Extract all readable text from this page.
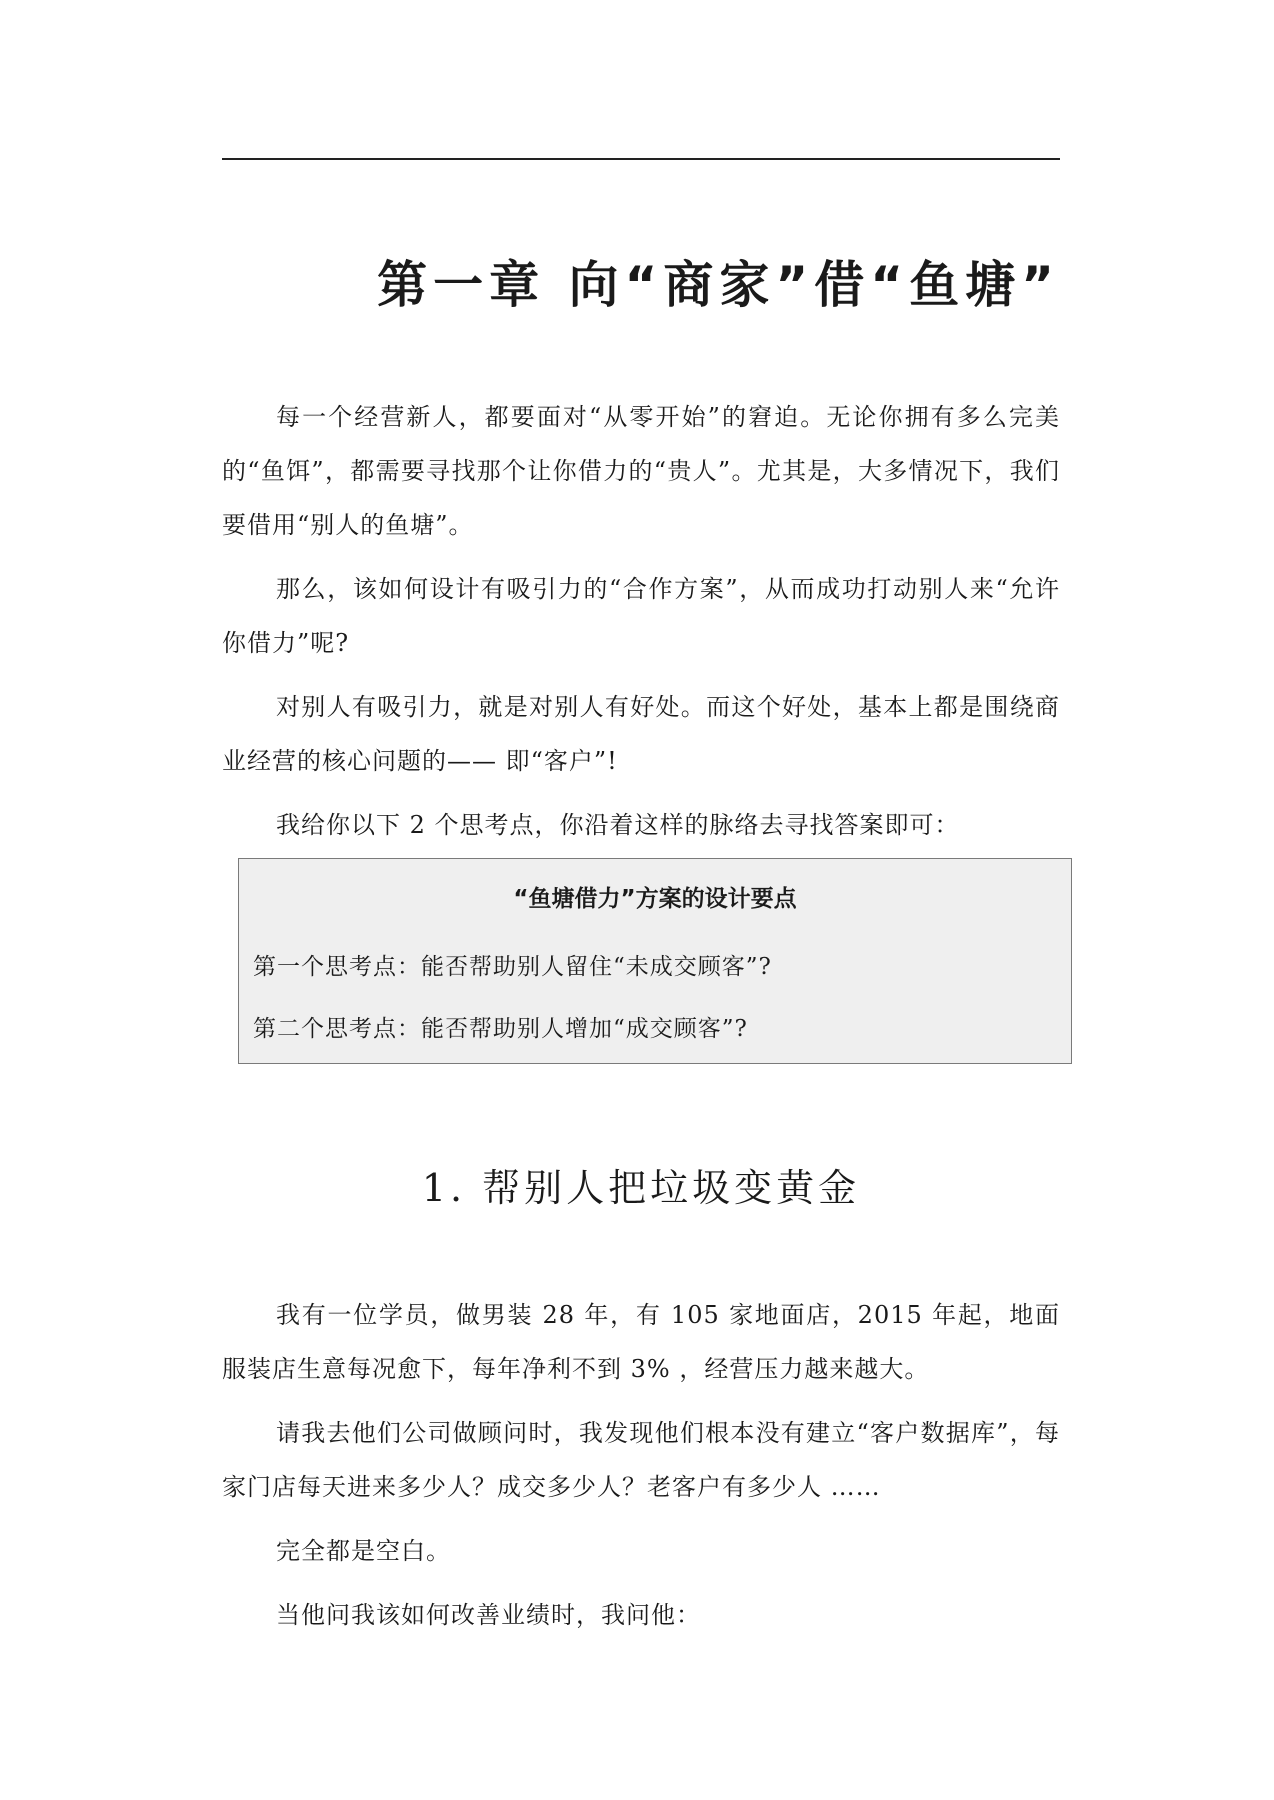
第一章 向“商家”借“鱼塘”

每一个经营新人，都要面对“从零开始”的窘迫。无论你拥有多么完美的“鱼饵”，都需要寻找那个让你借力的“贵人”。尤其是，大多情况下，我们要借用“别人的鱼塘”。

那么，该如何设计有吸引力的“合作方案”，从而成功打动别人来“允许你借力”呢?

对别人有吸引力，就是对别人有好处。而这个好处，基本上都是围绕商业经营的核心问题的—— 即“客户”!

我给你以下 2 个思考点，你沿着这样的脉络去寻找答案即可：

“鱼塘借力”方案的设计要点

第一个思考点：能否帮助别人留住“未成交顾客”?

第二个思考点：能否帮助别人增加“成交顾客”?

1. 帮别人把垃圾变黄金

我有一位学员，做男装 28 年，有 105 家地面店，2015 年起，地面服装店生意每况愈下，每年净利不到 3% ，经营压力越来越大。

请我去他们公司做顾问时，我发现他们根本没有建立“客户数据库”，每家门店每天进来多少人？成交多少人？老客户有多少人 ……

完全都是空白。

当他问我该如何改善业绩时，我问他：
